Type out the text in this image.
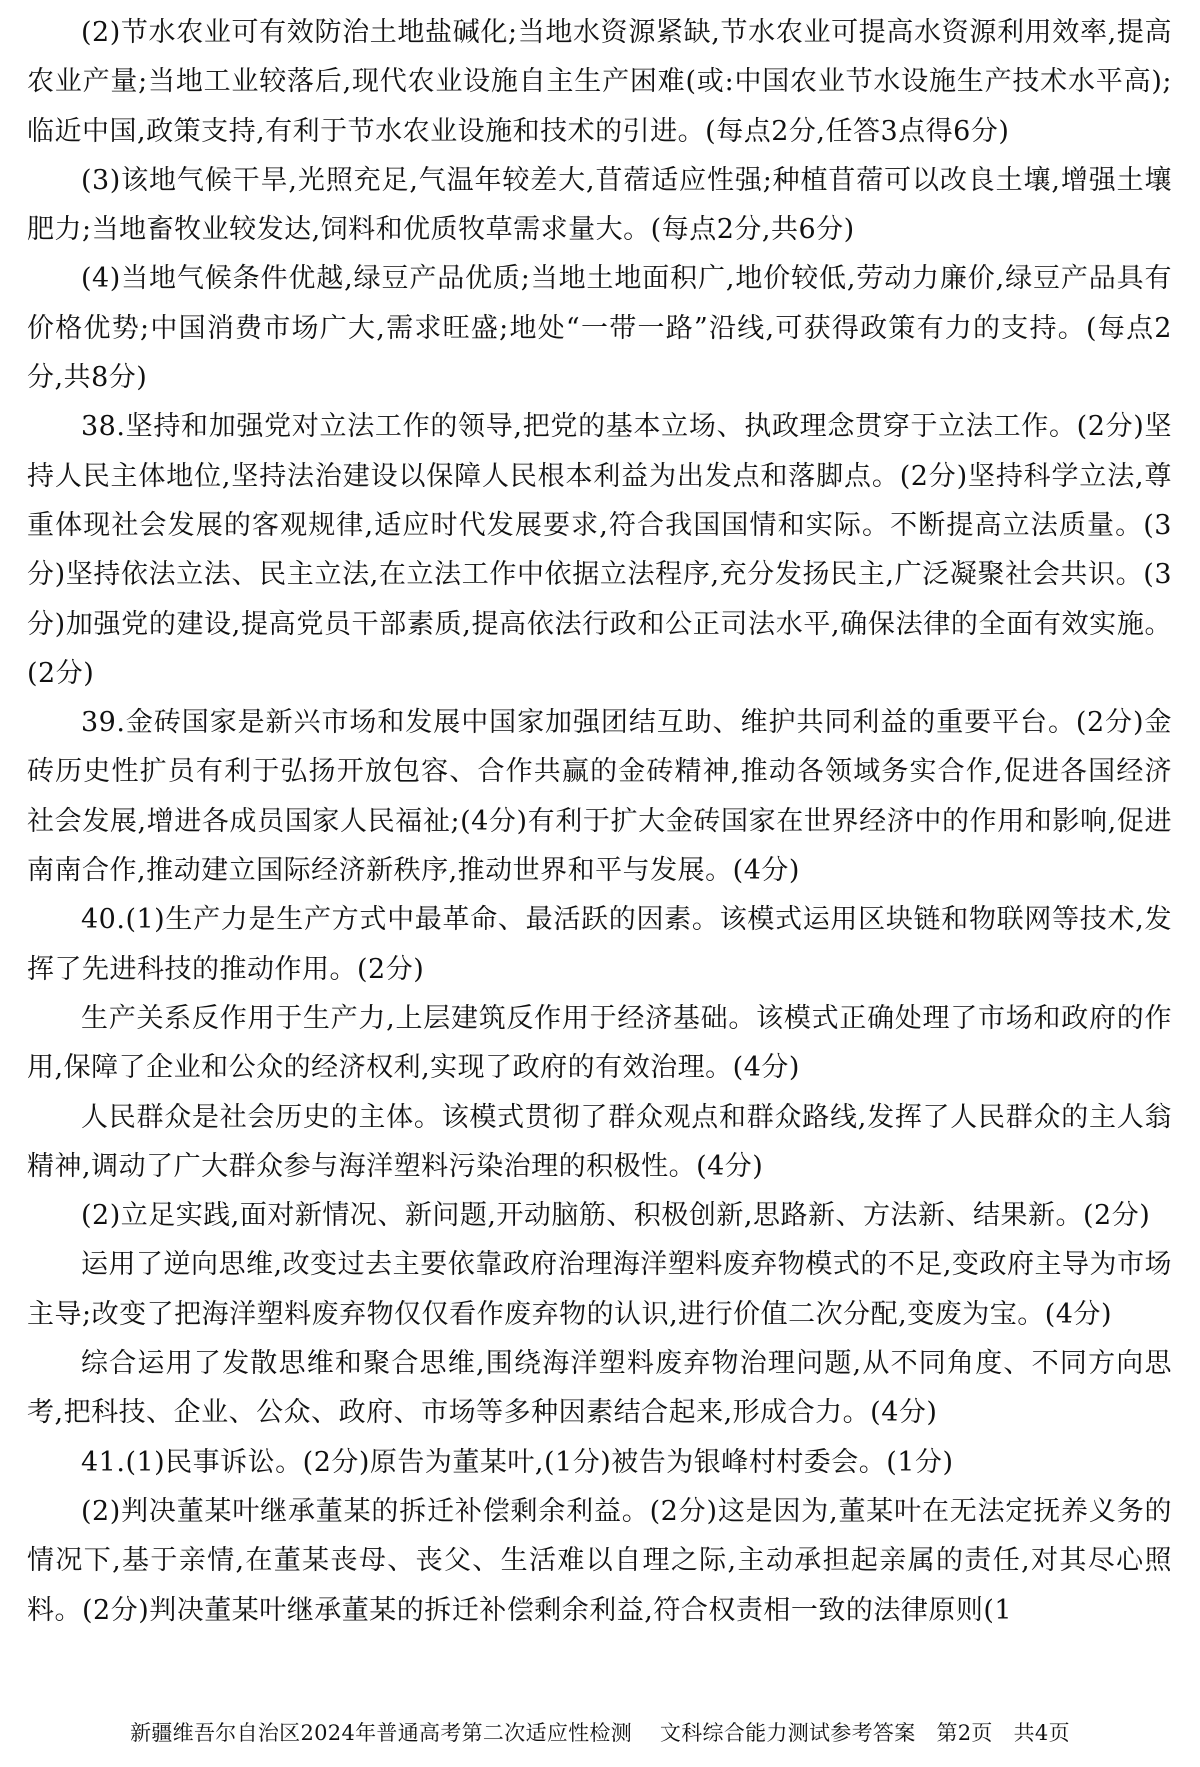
(2)节水农业可有效防治土地盐碱化;当地水资源紧缺,节水农业可提高水资源利用效率,提高农业产量;当地工业较落后,现代农业设施自主生产困难(或:中国农业节水设施生产技术水平高);临近中国,政策支持,有利于节水农业设施和技术的引进。(每点2分,任答3点得6分)

(3)该地气候干旱,光照充足,气温年较差大,苜蓿适应性强;种植苜蓿可以改良土壤,增强土壤肥力;当地畜牧业较发达,饲料和优质牧草需求量大。(每点2分,共6分)

(4)当地气候条件优越,绿豆产品优质;当地土地面积广,地价较低,劳动力廉价,绿豆产品具有价格优势;中国消费市场广大,需求旺盛;地处“一带一路”沿线,可获得政策有力的支持。(每点2分,共8分)

38.坚持和加强党对立法工作的领导,把党的基本立场、执政理念贯穿于立法工作。(2分)坚持人民主体地位,坚持法治建设以保障人民根本利益为出发点和落脚点。(2分)坚持科学立法,尊重体现社会发展的客观规律,适应时代发展要求,符合我国国情和实际。不断提高立法质量。(3分)坚持依法立法、民主立法,在立法工作中依据立法程序,充分发扬民主,广泛凝聚社会共识。(3分)加强党的建设,提高党员干部素质,提高依法行政和公正司法水平,确保法律的全面有效实施。(2分)

39.金砖国家是新兴市场和发展中国家加强团结互助、维护共同利益的重要平台。(2分)金砖历史性扩员有利于弘扬开放包容、合作共赢的金砖精神,推动各领域务实合作,促进各国经济社会发展,增进各成员国家人民福祉;(4分)有利于扩大金砖国家在世界经济中的作用和影响,促进南南合作,推动建立国际经济新秩序,推动世界和平与发展。(4分)

40.(1)生产力是生产方式中最革命、最活跃的因素。该模式运用区块链和物联网等技术,发挥了先进科技的推动作用。(2分)

生产关系反作用于生产力,上层建筑反作用于经济基础。该模式正确处理了市场和政府的作用,保障了企业和公众的经济权利,实现了政府的有效治理。(4分)

人民群众是社会历史的主体。该模式贯彻了群众观点和群众路线,发挥了人民群众的主人翁精神,调动了广大群众参与海洋塑料污染治理的积极性。(4分)

(2)立足实践,面对新情况、新问题,开动脑筋、积极创新,思路新、方法新、结果新。(2分)

运用了逆向思维,改变过去主要依靠政府治理海洋塑料废弃物模式的不足,变政府主导为市场主导;改变了把海洋塑料废弃物仅仅看作废弃物的认识,进行价值二次分配,变废为宝。(4分)

综合运用了发散思维和聚合思维,围绕海洋塑料废弃物治理问题,从不同角度、不同方向思考,把科技、企业、公众、政府、市场等多种因素结合起来,形成合力。(4分)

41.(1)民事诉讼。(2分)原告为董某叶,(1分)被告为银峰村村委会。(1分)

(2)判决董某叶继承董某的拆迁补偿剩余利益。(2分)这是因为,董某叶在无法定抚养义务的情况下,基于亲情,在董某丧母、丧父、生活难以自理之际,主动承担起亲属的责任,对其尽心照料。(2分)判决董某叶继承董某的拆迁补偿剩余利益,符合权责相一致的法律原则(1

新疆维吾尔自治区2024年普通高考第二次适应性检测    文科综合能力测试参考答案   第2页   共4页
